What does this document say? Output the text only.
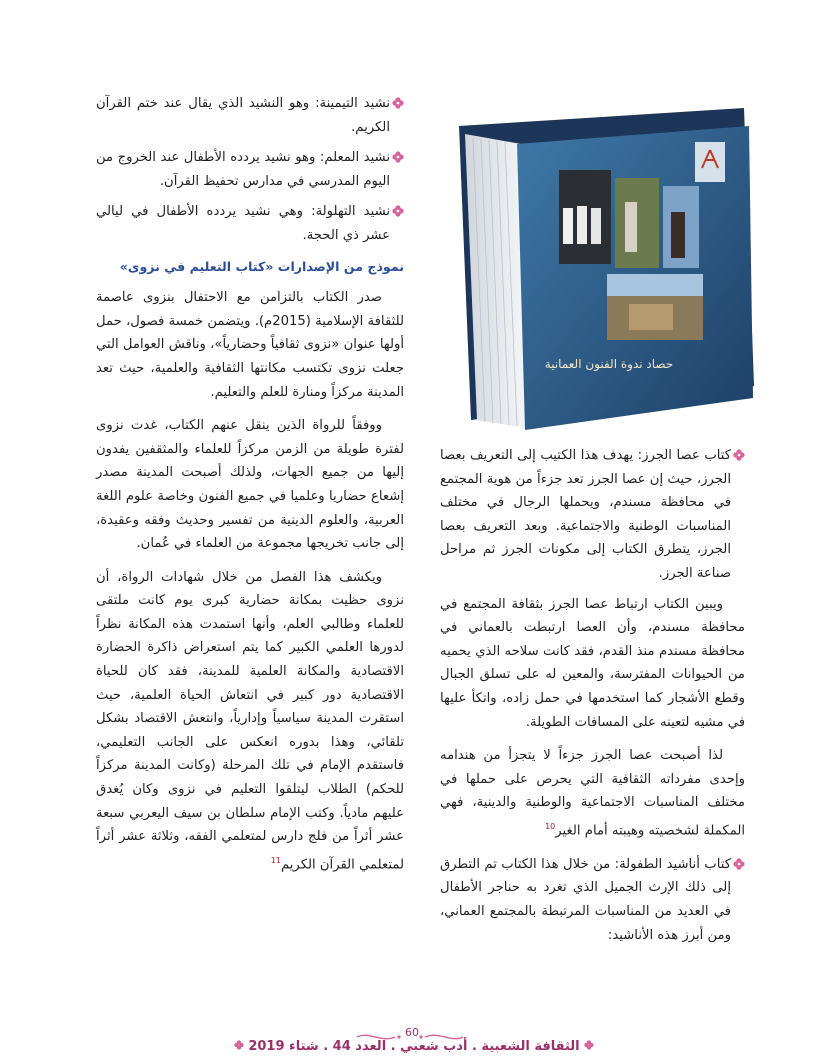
نشيد التيمينة: وهو النشيد الذي يقال عند ختم القرآن الكريم.
نشيد المعلم: وهو نشيد يردده الأطفال عند الخروج من اليوم المدرسي في مدارس تحفيظ القرآن.
نشيد التهلولة: وهي نشيد يردده الأطفال في ليالي عشر ذي الحجة.
نموذج من الإصدارات «كتاب التعليم في نزوى»

صدر الكتاب بالتزامن مع الاحتفال بنزوى عاصمة للثقافة الإسلامية (2015م). ويتضمن خمسة فصول، حمل أولها عنوان «نزوى ثقافياً وحضارياً»، وناقش العوامل التي جعلت نزوى تكتسب مكانتها الثقافية والعلمية، حيث تعد المدينة مركزاً ومنارة للعلم والتعليم.

ووفقاً للرواة الذين ينقل عنهم الكتاب، غدت نزوى لفترة طويلة من الزمن مركزاً للعلماء والمثقفين يفدون إليها من جميع الجهات، ولذلك أصبحت المدينة مصدر إشعاع حضاريا وعلميا في جميع الفنون وخاصة علوم اللغة العربية، والعلوم الدينية من تفسير وحديث وفقه وعقيدة، إلى جانب تخريجها مجموعة من العلماء في عُمان.

ويكشف هذا الفصل من خلال شهادات الرواة، أن نزوى حظيت بمكانة حضارية كبرى يوم كانت ملتقى للعلماء وطالبي العلم، وأنها استمدت هذه المكانة نظراً لدورها العلمي الكبير كما يتم استعراض ذاكرة الحضارة الاقتصادية والمكانة العلمية للمدينة، فقد كان للحياة الاقتصادية دور كبير في انتعاش الحياة العلمية، حيث استقرت المدينة سياسياً وإدارياً، وانتعش الاقتصاد بشكل تلقائي، وهذا بدوره انعكس على الجانب التعليمي، فاستقدم الإمام في تلك المرحلة (وكانت المدينة مركزاً للحكم) الطلاب ليتلقوا التعليم في نزوى وكان يُغدق عليهم مادياً. وكتب الإمام سلطان بن سيف اليعربي سبعة عشر أثراً من فلج دارس لمتعلمي الفقه، وثلاثة عشر أثراً لمتعلمي القرآن الكريم$^{11}$

حصاد ندوة الفنون العمانية
كتاب عصا الجرز: يهدف هذا الكتيب إلى التعريف بعصا الجرز، حيث إن عصا الجرز تعد جزءاً من هوية المجتمع في محافظة مسندم، ويحملها الرجال في مختلف المناسبات الوطنية والاجتماعية. وبعد التعريف بعصا الجرز، يتطرق الكتاب إلى مكونات الجرز ثم مراحل صناعة الجرز.

ويبين الكتاب ارتباط عصا الجرز بثقافة المجتمع في محافظة مسندم، وأن العصا ارتبطت بالعماني في محافظة مسندم منذ القدم، فقد كانت سلاحه الذي يحميه من الحيوانات المفترسة، والمعين له على تسلق الجبال وقطع الأشجار كما استخدمها في حمل زاده، واتكأ عليها في مشيه لتعينه على المسافات الطويلة.

لذا أصبحت عصا الجرز جزءاً لا يتجزأ من هندامه وإحدى مفرداته الثقافية التي يحرص على حملها في مختلف المناسبات الاجتماعية والوطنية والدينية، فهي المكملة لشخصيته وهيبته أمام الغير$^{10}$

كتاب أناشيد الطفولة: من خلال هذا الكتاب تم التطرق إلى ذلك الإرث الجميل الذي تغرد به حناجر الأطفال في العديد من المناسبات المرتبطة بالمجتمع العماني، ومن أبرز هذه الأناشيد:
60
الثقافة الشعبية . أدب شعبي . العدد 44 . شتاء 2019
